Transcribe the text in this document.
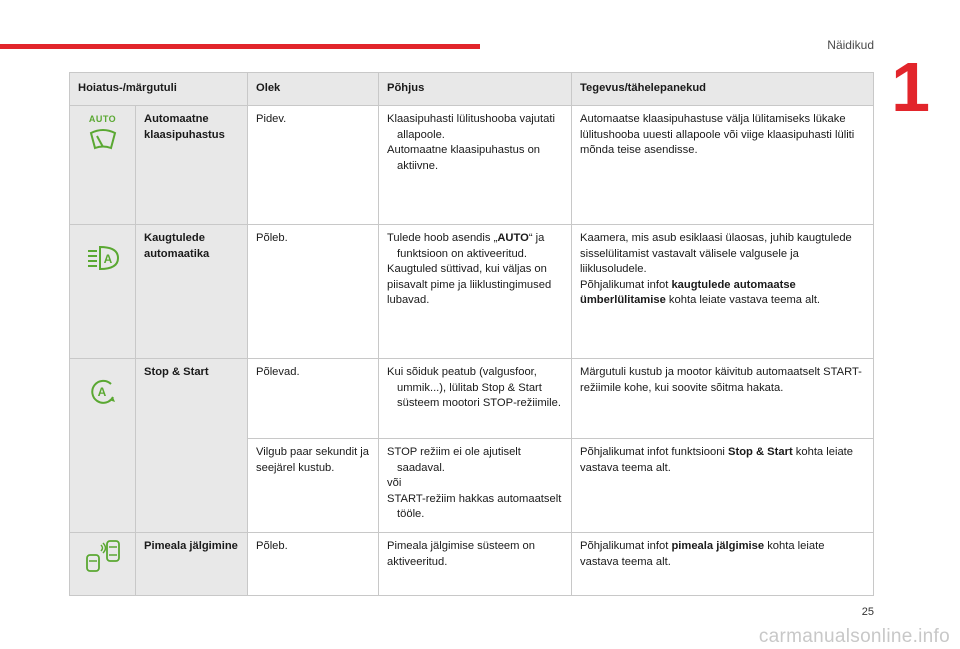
Näidikud
1
Hoiatus-/märgutuli		Olek	Põhjus	Tegevus/tähelepanekud

AUTO	Automaatne klaasipuhastus	Pidev.	Klaasipuhasti lülitushooba vajutati allapoole.
Automaatne klaasipuhastus on aktiivne.	Automaatse klaasipuhastuse välja lülitamiseks lükake lülitushooba uuesti allapoole või viige klaasipuhasti lüliti mõnda teise asendisse.

A	Kaugtulede automaatika	Põleb.	Tulede hoob asendis „AUTO“ ja funktsioon on aktiveeritud.
Kaugtuled süttivad, kui väljas on piisavalt pime ja liiklustingimused lubavad.	Kaamera, mis asub esiklaasi ülaosas, juhib kaugtulede sisselülitamist vastavalt välisele valgusele ja liiklusoludele.
Põhjalikumat infot kaugtulede automaatse ümberlülitamise kohta leiate vastava teema alt.

A	Stop & Start	Põlevad.	Kui sõiduk peatub (valgusfoor, ummik...), lülitab Stop & Start süsteem mootori STOP-režiimile.	Märgutuli kustub ja mootor käivitub automaatselt START-režiimile kohe, kui soovite sõitma hakata.
		Vilgub paar sekundit ja seejärel kustub.	STOP režiim ei ole ajutiselt saadaval.
või
START-režiim hakkas automaatselt tööle.	Põhjalikumat infot funktsiooni Stop & Start kohta leiate vastava teema alt.

	Pimeala jälgimine	Põleb.	Pimeala jälgimise süsteem on aktiveeritud.	Põhjalikumat infot pimeala jälgimise kohta leiate vastava teema alt.
25
carmanualsonline.info
